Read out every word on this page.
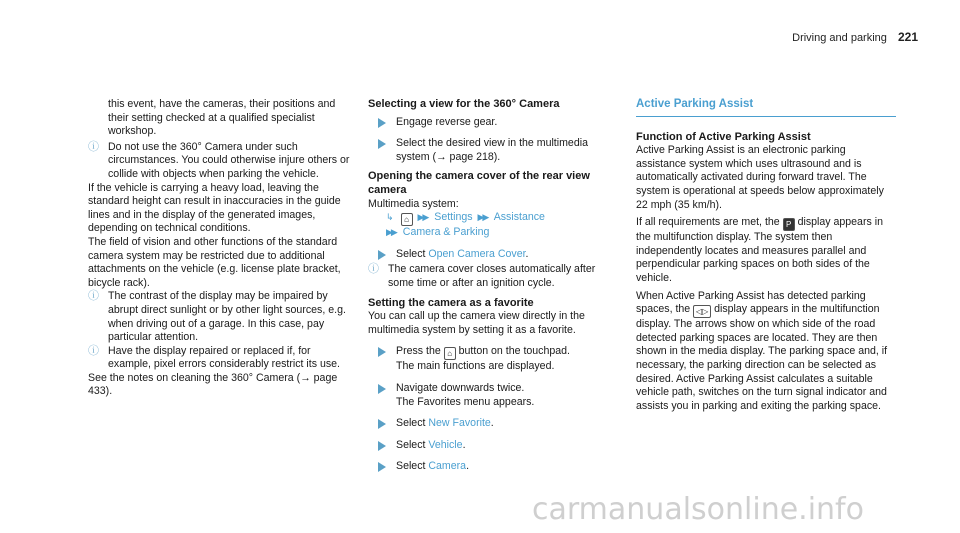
Driving and parking 221

this event, have the cameras, their positions and their setting checked at a qualified specialist workshop.

ⓘ Do not use the 360° Camera under such circumstances. You could otherwise injure others or collide with objects when parking the vehicle.

If the vehicle is carrying a heavy load, leaving the standard height can result in inaccuracies in the guide lines and in the display of the generated images, depending on technical conditions.

The field of vision and other functions of the standard camera system may be restricted due to additional attachments on the vehicle (e.g. license plate bracket, bicycle rack).

ⓘ The contrast of the display may be impaired by abrupt direct sunlight or by other light sources, e.g. when driving out of a garage. In this case, pay particular attention.
ⓘ Have the display repaired or replaced if, for example, pixel errors considerably restrict its use.

See the notes on cleaning the 360° Camera (→ page 433).

Selecting a view for the 360° Camera

Engage reverse gear.
Select the desired view in the multimedia system (→ page 218).

Opening the camera cover of the rear view camera

Multimedia system:

↳ ⌂ ▶▶ Settings ▶▶ Assistance
▶▶ Camera & Parking
Select Open Camera Cover.
ⓘ The camera cover closes automatically after some time or after an ignition cycle.

Setting the camera as a favorite

You can call up the camera view directly in the multimedia system by setting it as a favorite.

Press the ⌂ button on the touchpad.
The main functions are displayed.
Navigate downwards twice.
The Favorites menu appears.
Select New Favorite.
Select Vehicle.
Select Camera.
Active Parking Assist

Function of Active Parking Assist

Active Parking Assist is an electronic parking assistance system which uses ultrasound and is automatically activated during forward travel. The system is operational at speeds below approximately 22 mph (35 km/h).

If all requirements are met, the P display appears in the multifunction display. The system then independently locates and measures parallel and perpendicular parking spaces on both sides of the vehicle.

When Active Parking Assist has detected parking spaces, the ◁▷ display appears in the multifunction display. The arrows show on which side of the road detected parking spaces are located. They are then shown in the media display. The parking space and, if necessary, the parking direction can be selected as desired. Active Parking Assist calculates a suitable vehicle path, switches on the turn signal indicator and assists you in parking and exiting the parking space.

carmanualsonline.info
